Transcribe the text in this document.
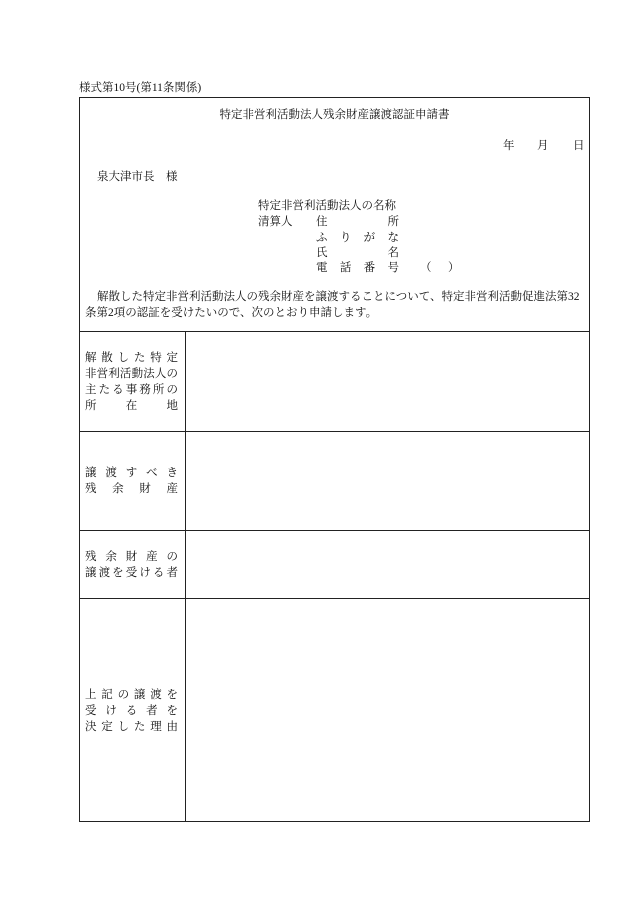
様式第10号(第11条関係)
特定非営利活動法人残余財産譲渡認証申請書
年 月 日
泉大津市長　様
特定非営利活動法人の名称
清算人 住	所
ふ り が な
氏	名
電 話 番 号 （ ）
解散した特定非営利活動法人の残余財産を譲渡することについて、特定非営利活動促進法第32
条第2項の認証を受けたいので、次のとおり申請します。
解 散 し た 特 定
非 営 利 活 動 法 人 の
主 た る 事 務 所 の
所	在	地
譲 渡 す べ き
残 余 財 産
残 余 財 産 の
譲 渡 を 受 け る 者
上 記 の 譲 渡 を
受 け る 者 を
決 定 し た 理 由
